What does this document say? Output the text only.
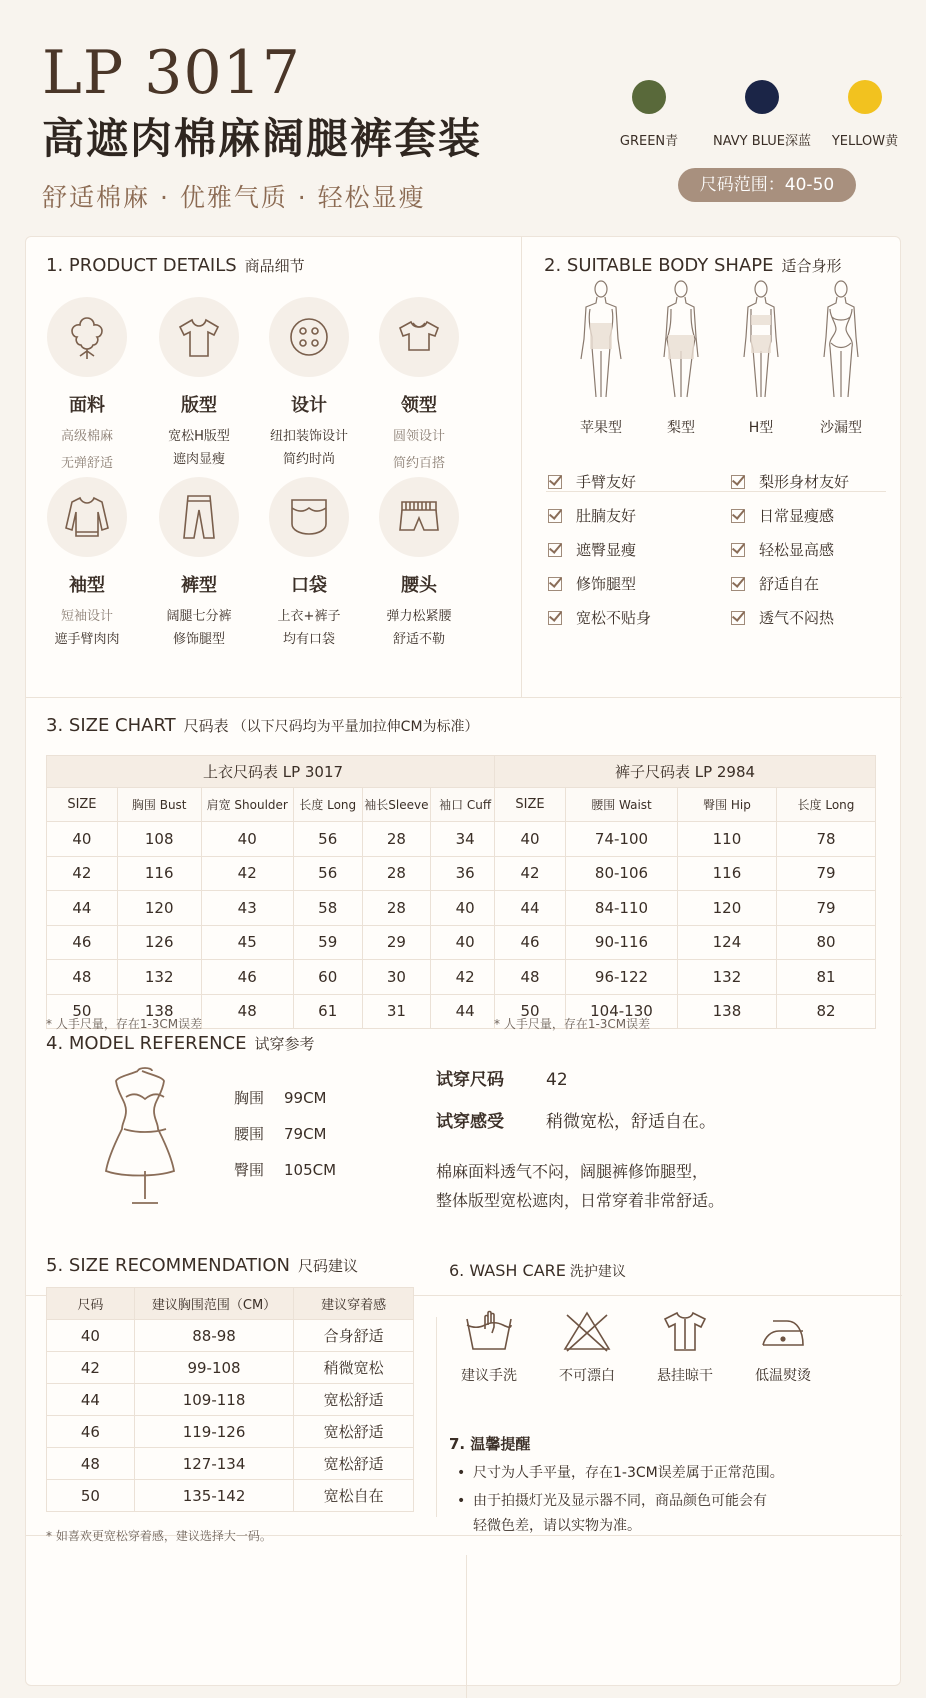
LP 3017
高遮肉棉麻阔腿裤套装
舒适棉麻 · 优雅气质 · 轻松显瘦
GREEN青	NAVY BLUE深蓝 YELLOW黄
尺码范围：40-50
1. PRODUCT DETAILS 商品细节
面料
高级棉麻
无弹舒适
版型
宽松H版型
遮肉显瘦
设计
纽扣装饰设计
简约时尚
领型
圆领设计
简约百搭
袖型
短袖设计
遮手臂肉肉
裤型
阔腿七分裤
修饰腿型
口袋
上衣+裤子
均有口袋
腰头
弹力松紧腰
舒适不勒
2. SUITABLE BODY SHAPE 适合身形
苹果型	梨型	H型	沙漏型
手臂友好
肚腩友好
遮臀显瘦
修饰腿型
宽松不贴身
梨形身材友好
日常显瘦感
轻松显高感
舒适自在
透气不闷热
3. SIZE CHART 尺码表 （以下尺码均为平量加拉伸CM为标准）
上衣尺码表 LP 3017					
SIZE	胸围 Bust	肩宽 Shoulder	长度 Long	袖长Sleeve	袖口 Cuff
40	108	40	56	28	34
42	116	42	56	28	36
44	120	43	58	28	40
46	126	45	59	29	40
48	132	46	60	30	42
50	138	48	61	31	44
* 人手尺量，存在1-3CM误差
裤子尺码表 LP 2984			
SIZE	腰围 Waist	臀围 Hip	长度 Long
40	74-100	110	78
42	80-106	116	79
44	84-110	120	79
46	90-116	124	80
48	96-122	132	81
50	104-130	138	82
* 人手尺量，存在1-3CM误差
4. MODEL REFERENCE 试穿参考
胸围 99CM
腰围 79CM
臀围 105CM
试穿尺码 42
试穿感受 稍微宽松，舒适自在。
棉麻面料透气不闷，阔腿裤修饰腿型，
整体版型宽松遮肉，日常穿着非常舒适。
5. SIZE RECOMMENDATION 尺码建议
尺码	建议胸围范围（CM）	建议穿着感
40	88-98	合身舒适
42	99-108	稍微宽松
44	109-118	宽松舒适
46	119-126	宽松舒适
48	127-134	宽松舒适
50	135-142	宽松自在
* 如喜欢更宽松穿着感，建议选择大一码。
6. WASH CARE 洗护建议
建议手洗	不可漂白	悬挂晾干	低温熨烫
7. 温馨提醒
• 尺寸为人手平量，存在1-3CM误差属于正常范围。
• 由于拍摄灯光及显示器不同，商品颜色可能会有
轻微色差，请以实物为准。
